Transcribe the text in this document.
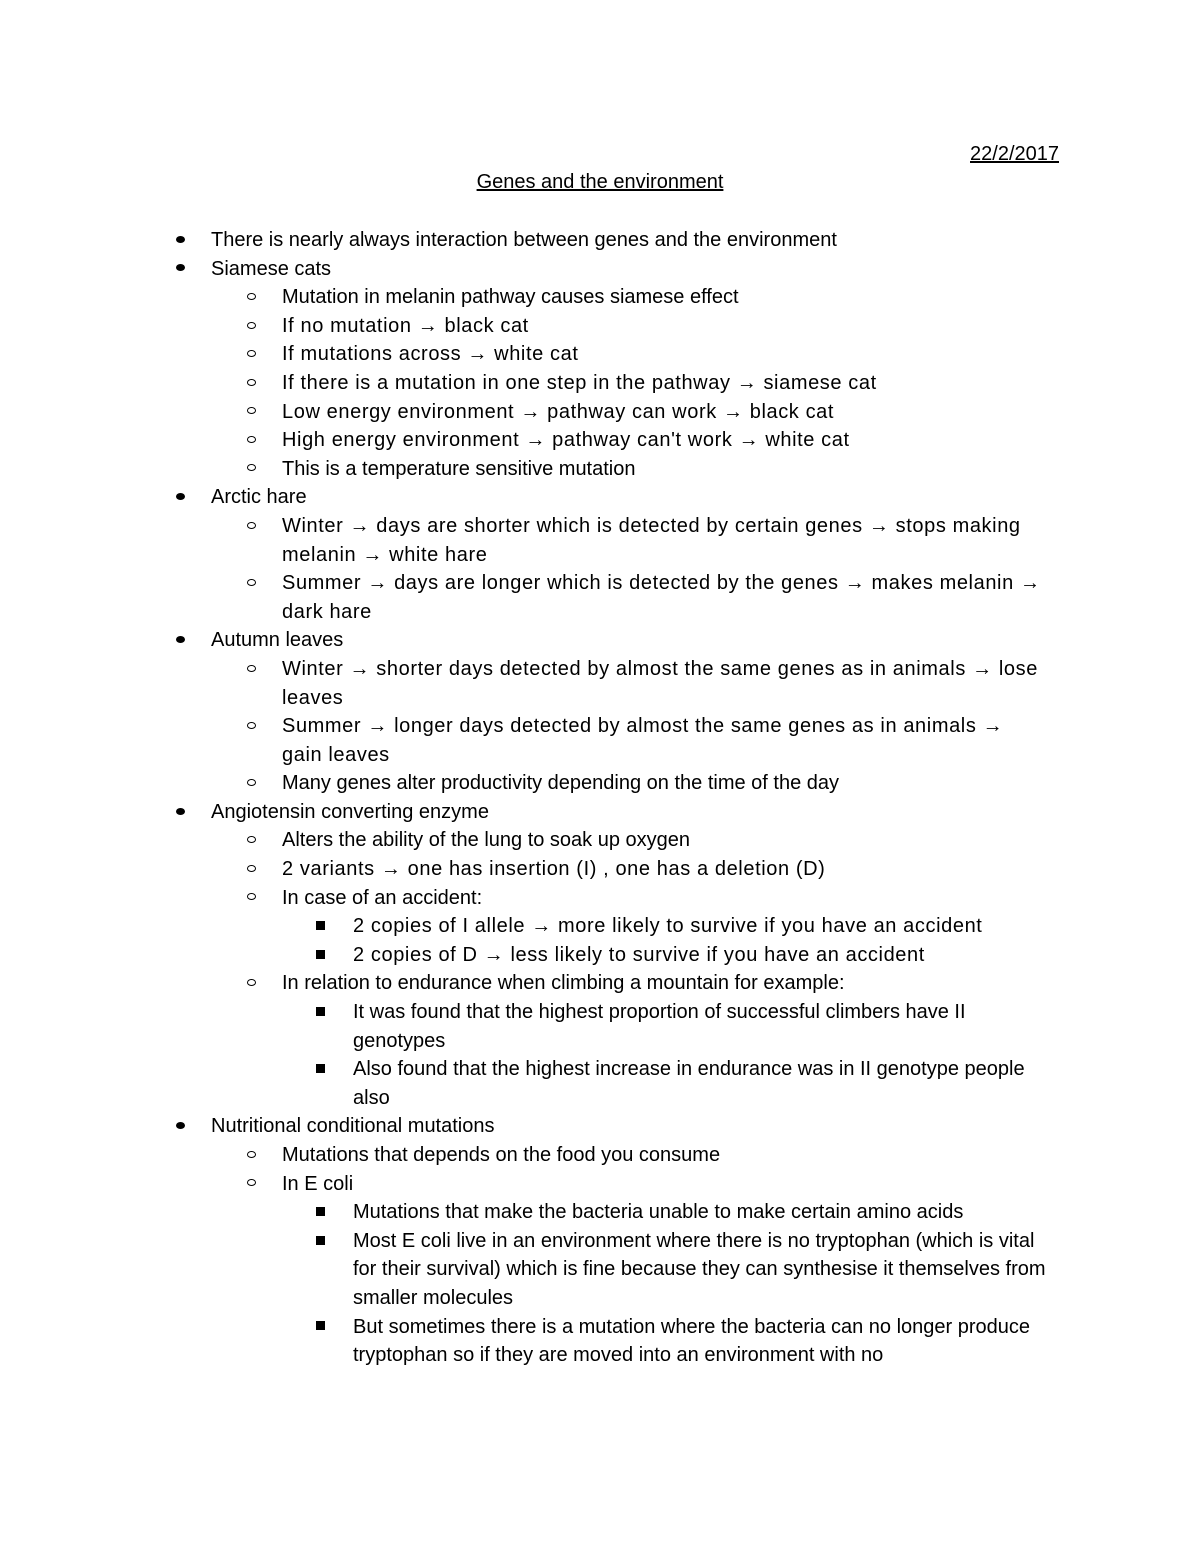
22/2/2017
Genes and the environment
There is nearly always interaction between genes and the environment
Siamese cats
Mutation in melanin pathway causes siamese effect
If no mutation → black cat
If mutations across → white cat
If there is a mutation in one step in the pathway → siamese cat
Low energy environment → pathway can work → black cat
High energy environment → pathway can't work → white cat
This is a temperature sensitive mutation
Arctic hare
Winter → days are shorter which is detected by certain genes → stops making melanin → white hare
Summer → days are longer which is detected by the genes → makes melanin → dark hare
Autumn leaves
Winter → shorter days detected by almost the same genes as in animals → lose leaves
Summer → longer days detected by almost the same genes as in animals → gain leaves
Many genes alter productivity depending on the time of the day
Angiotensin converting enzyme
Alters the ability of the lung to soak up oxygen
2 variants → one has insertion (I) , one has a deletion (D)
In case of an accident:
2 copies of I allele → more likely to survive if you have an accident
2 copies of D → less likely to survive if you have an accident
In relation to endurance when climbing a mountain for example:
It was found that the highest proportion of successful climbers have II genotypes
Also found that the highest increase in endurance was in II genotype people also
Nutritional conditional mutations
Mutations that depends on the food you consume
In E coli
Mutations that make the bacteria unable to make certain amino acids
Most E coli live in an environment where there is no tryptophan (which is vital for their survival) which is fine because they can synthesise it themselves from smaller molecules
But sometimes there is a mutation where the bacteria can no longer produce tryptophan so if they are moved into an environment with no
